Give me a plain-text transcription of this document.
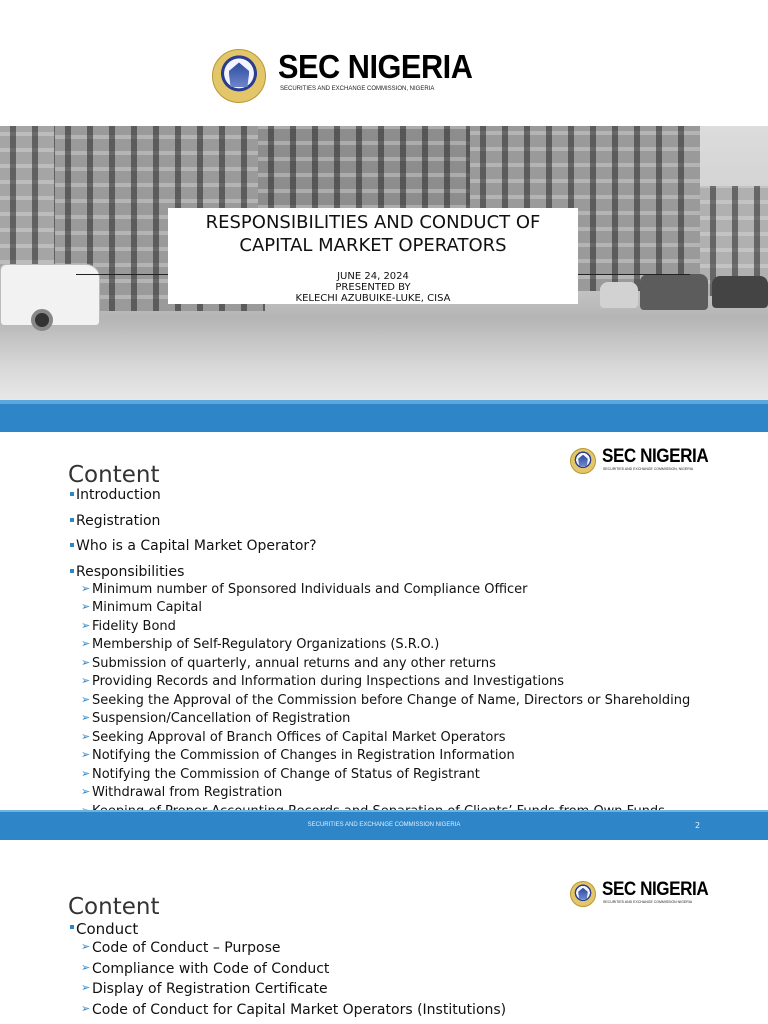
SEC NIGERIA
SECURITIES AND EXCHANGE COMMISSION, NIGERIA
RESPONSIBILITIES AND CONDUCT OF
CAPITAL MARKET OPERATORS
JUNE 24, 2024
PRESENTED BY
KELECHI AZUBUIKE-LUKE, CISA
SEC NIGERIA
SECURITIES AND EXCHANGE COMMISSION, NIGERIA
Content
Introduction
Registration
Who is a Capital Market Operator?
Responsibilities
➢ Minimum number of Sponsored Individuals and Compliance Officer
➢ Minimum Capital
➢ Fidelity Bond
➢ Membership of Self-Regulatory Organizations (S.R.O.)
➢ Submission of quarterly, annual returns and any other returns
➢ Providing Records and Information during Inspections and Investigations
➢ Seeking the Approval of the Commission before Change of Name, Directors or Shareholding
➢ Suspension/Cancellation of Registration
➢ Seeking Approval of Branch Offices of Capital Market Operators
➢ Notifying the Commission of Changes in Registration Information
➢ Notifying the Commission of Change of Status of Registrant
➢ Withdrawal from Registration
SECURITIES AND EXCHANGE COMMISSION NIGERIA	2
SEC NIGERIA
SECURITIES AND EXCHANGE COMMISSION NIGERIA
Content
Conduct
➢ Code of Conduct – Purpose
➢ Compliance with Code of Conduct
➢ Display of Registration Certificate
➢ Code of Conduct for Capital Market Operators (Institutions)
